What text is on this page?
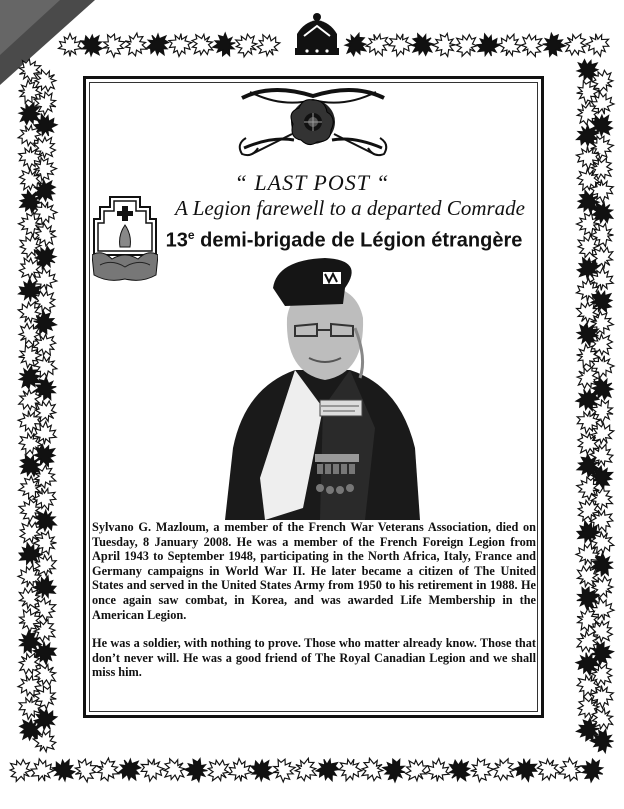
“ LAST POST “
A Legion farewell to a departed Comrade
13e demi-brigade de Légion étrangère

Sylvano G. Mazloum, a member of the French War Veterans Association, died on Tuesday, 8 January 2008. He was a member of the French Foreign Legion from April 1943 to September 1948, participating in the North Africa, Italy, France and Germany campaigns in World War II. He later became a citizen of The United States and served in the United States Army from 1950 to his retirement in 1988. He once again saw combat, in Korea, and was awarded Life Membership in the American Legion.

He was a soldier, with nothing to prove. Those who matter already know. Those that don’t never will. He was a good friend of The Royal Canadian Legion and we shall miss him.
